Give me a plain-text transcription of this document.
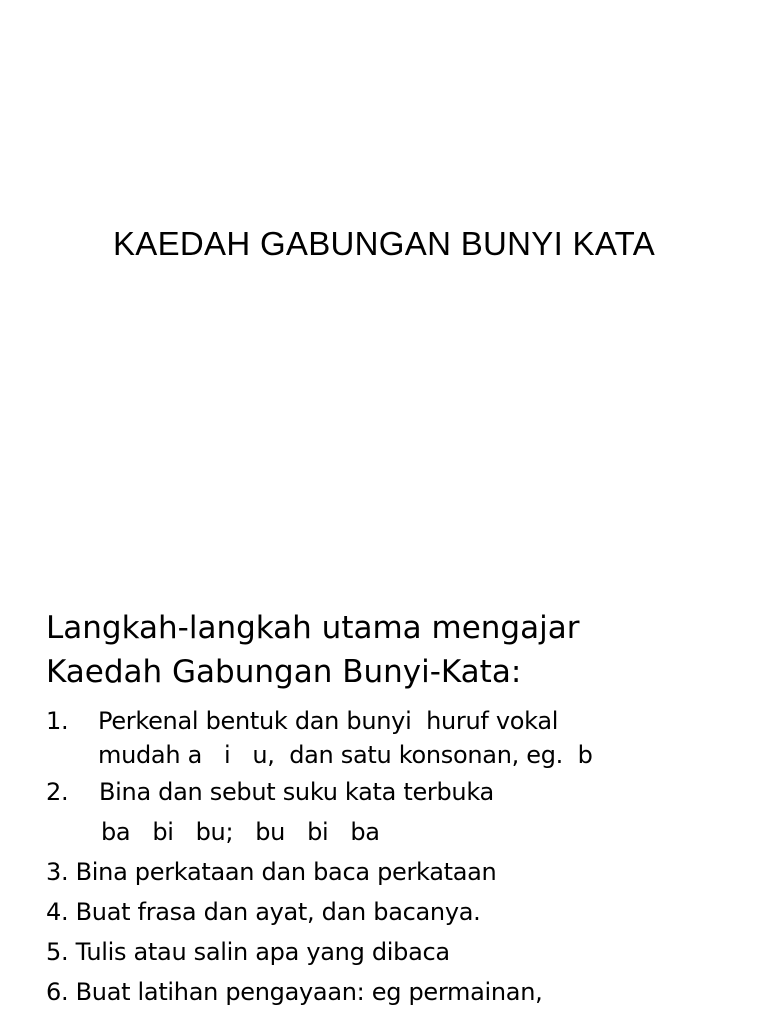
KAEDAH GABUNGAN BUNYI KATA
Langkah-langkah utama mengajar
Kaedah Gabungan Bunyi-Kata:
1. Perkenal bentuk dan bunyi  huruf vokal
mudah a   i   u,  dan satu konsonan, eg.  b
2. Bina dan sebut suku kata terbuka
ba   bi   bu;   bu   bi   ba
3. Bina perkataan dan baca perkataan
4. Buat frasa dan ayat, dan bacanya.
5. Tulis atau salin apa yang dibaca
6. Buat latihan pengayaan: eg permainan,
